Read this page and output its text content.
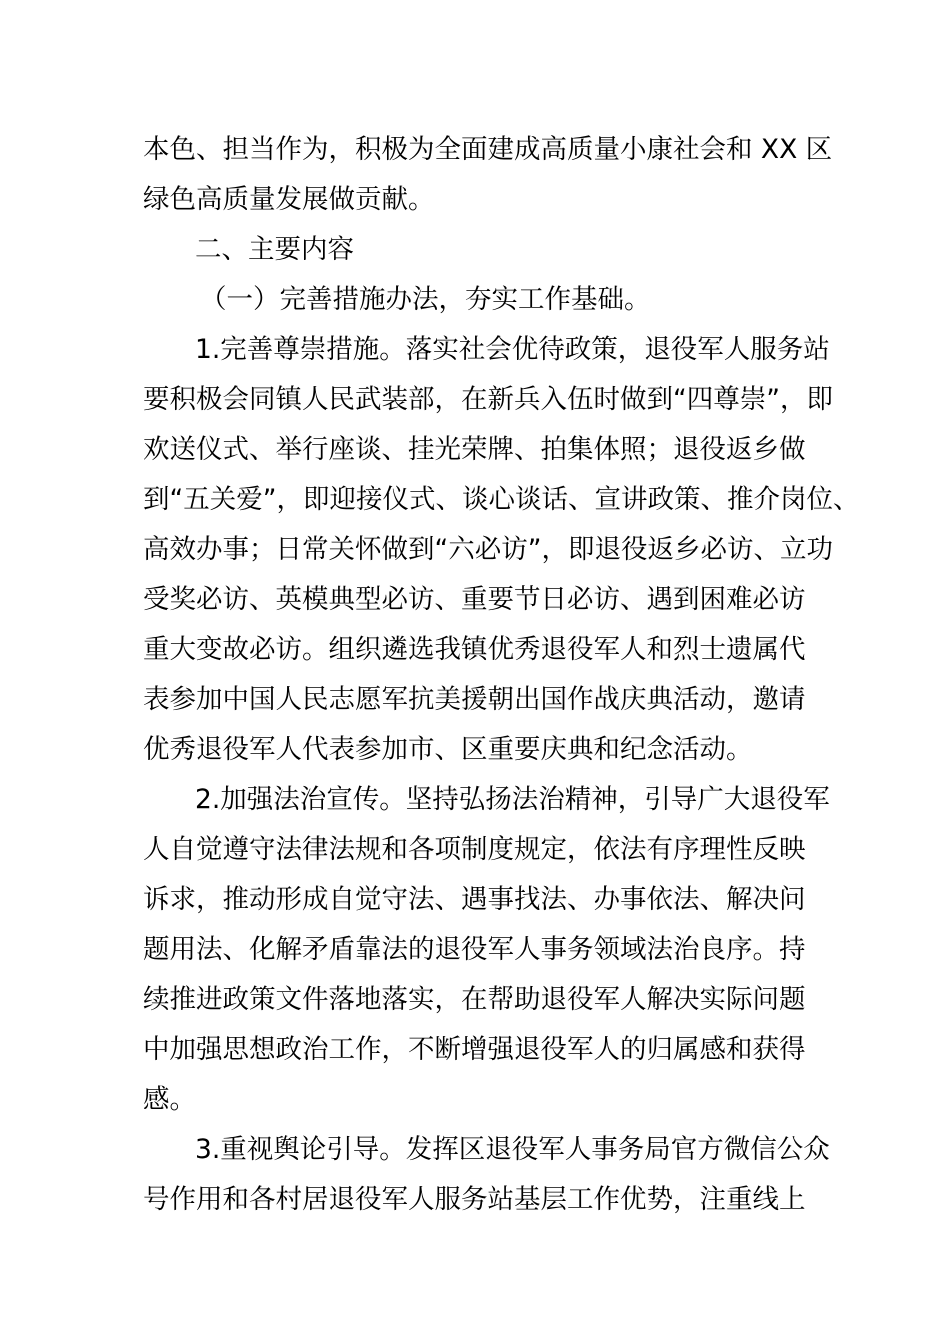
本色、担当作为，积极为全面建成高质量小康社会和 XX 区
绿色高质量发展做贡献。
二、主要内容
（一）完善措施办法，夯实工作基础。
1.完善尊崇措施。落实社会优待政策，退役军人服务站
要积极会同镇人民武装部，在新兵入伍时做到“四尊崇”，即
欢送仪式、举行座谈、挂光荣牌、拍集体照；退役返乡做
到“五关爱”，即迎接仪式、谈心谈话、宣讲政策、推介岗位、
高效办事；日常关怀做到“六必访”，即退役返乡必访、立功
受奖必访、英模典型必访、重要节日必访、遇到困难必访
重大变故必访。组织遴选我镇优秀退役军人和烈士遗属代
表参加中国人民志愿军抗美援朝出国作战庆典活动，邀请
优秀退役军人代表参加市、区重要庆典和纪念活动。
2.加强法治宣传。坚持弘扬法治精神，引导广大退役军
人自觉遵守法律法规和各项制度规定，依法有序理性反映
诉求，推动形成自觉守法、遇事找法、办事依法、解决问
题用法、化解矛盾靠法的退役军人事务领域法治良序。持
续推进政策文件落地落实，在帮助退役军人解决实际问题
中加强思想政治工作，不断增强退役军人的归属感和获得
感。
3.重视舆论引导。发挥区退役军人事务局官方微信公众
号作用和各村居退役军人服务站基层工作优势，注重线上
